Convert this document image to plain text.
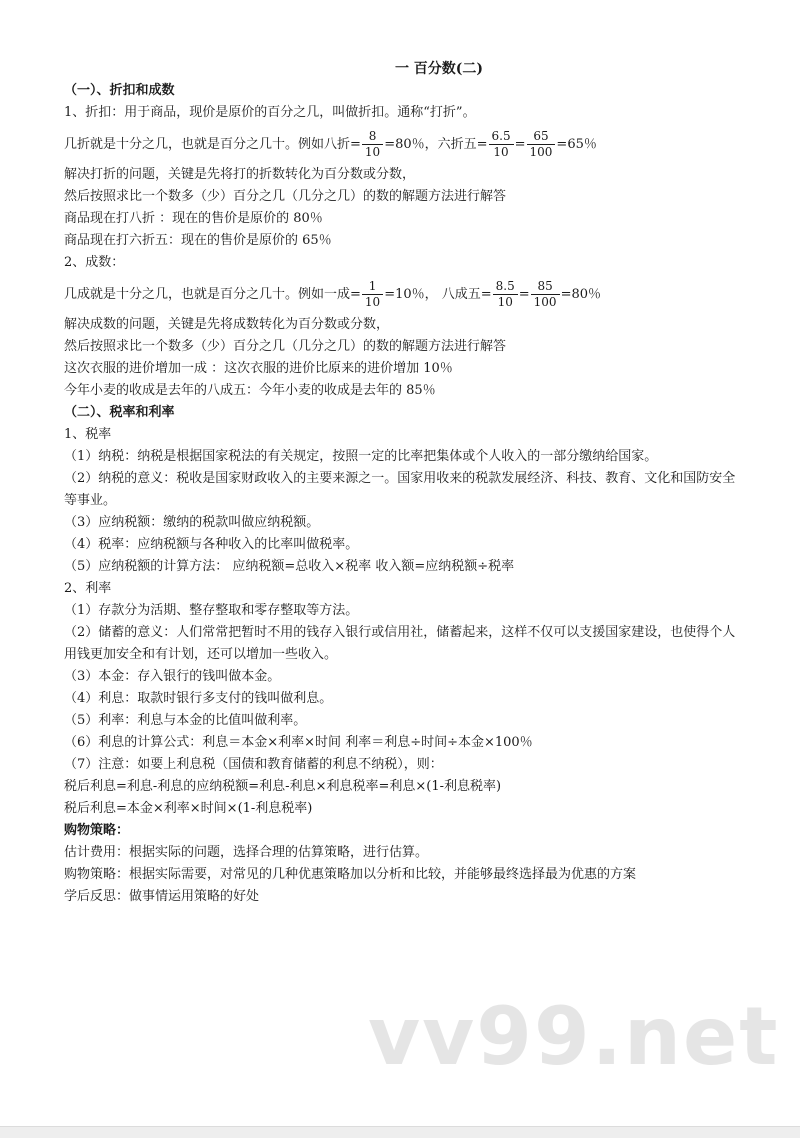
一 百分数(二)
（一）、折扣和成数
1、折扣：用于商品，现价是原价的百分之几，叫做折扣。通称“打折”。
几折就是十分之几，也就是百分之几十。例如八折= $\frac{8}{10} =80$％，六折五= $\frac{6.5}{10} = \frac{65}{100} =65$％
解决打折的问题，关键是先将打的折数转化为百分数或分数，
然后按照求比一个数多（少）百分之几（几分之几）的数的解题方法进行解答
商品现在打八折 ：现在的售价是原价的 80％
商品现在打六折五：现在的售价是原价的 65％
2、成数：
几成就是十分之几，也就是百分之几十。例如一成= $\frac{1}{10} =10$％， 八成五= $\frac{8.5}{10} = \frac{85}{100} =80$％
解决成数的问题，关键是先将成数转化为百分数或分数，
然后按照求比一个数多（少）百分之几（几分之几）的数的解题方法进行解答
这次衣服的进价增加一成 ：这次衣服的进价比原来的进价增加 10％
今年小麦的收成是去年的八成五：今年小麦的收成是去年的 85％
（二）、税率和利率
1、税率
（1）纳税：纳税是根据国家税法的有关规定，按照一定的比率把集体或个人收入的一部分缴纳给国家。
（2）纳税的意义：税收是国家财政收入的主要来源之一。国家用收来的税款发展经济、科技、教育、文化和国防安全等事业。
（3）应纳税额：缴纳的税款叫做应纳税额。
（4）税率：应纳税额与各种收入的比率叫做税率。
（5）应纳税额的计算方法： 应纳税额=总收入×税率 收入额=应纳税额÷税率
2、利率
（1）存款分为活期、整存整取和零存整取等方法。
（2）储蓄的意义：人们常常把暂时不用的钱存入银行或信用社，储蓄起来，这样不仅可以支援国家建设，也使得个人用钱更加安全和有计划，还可以增加一些收入。
（3）本金：存入银行的钱叫做本金。
（4）利息：取款时银行多支付的钱叫做利息。
（5）利率：利息与本金的比值叫做利率。
（6）利息的计算公式：利息＝本金×利率×时间 利率＝利息÷时间÷本金×100％
（7）注意：如要上利息税（国债和教育储蓄的利息不纳税），则：
税后利息=利息-利息的应纳税额=利息-利息×利息税率=利息×(1-利息税率)
税后利息=本金×利率×时间×(1-利息税率)
购物策略：
估计费用：根据实际的问题，选择合理的估算策略，进行估算。
购物策略：根据实际需要，对常见的几种优惠策略加以分析和比较，并能够最终选择最为优惠的方案
学后反思：做事情运用策略的好处
vv99.net
